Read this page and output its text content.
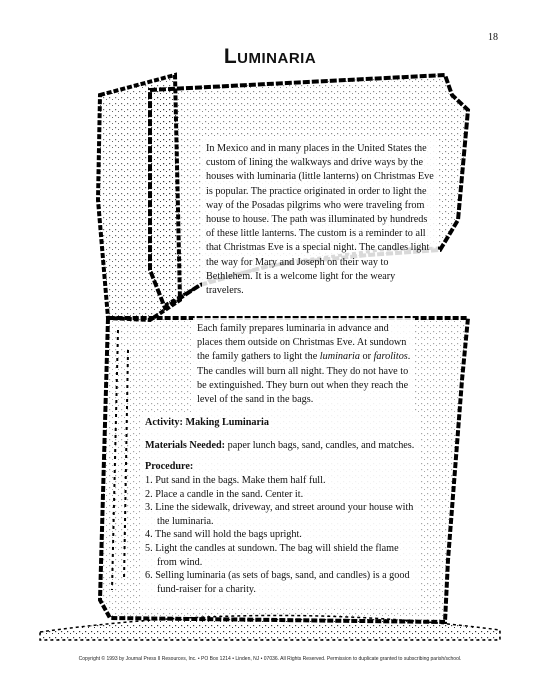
18
Luminaria
In Mexico and in many places in the United States the custom of lining the walkways and drive ways by the houses with luminaria (little lanterns) on Christmas Eve is popular. The practice originated in order to light the way of the Posadas pilgrims who were traveling from house to house. The path was illuminated by hundreds of these little lanterns. The custom is a reminder to all that Christmas Eve is a special night. The candles light the way for Mary and Joseph on their way to Bethlehem. It is a welcome light for the weary travelers.
Each family prepares luminaria in advance and places them outside on Christmas Eve. At sundown the family gathers to light the luminaria or farolitos. The candles will burn all night. They do not have to be extinguished. They burn out when they reach the level of the sand in the bags.
Activity: Making Luminaria
Materials Needed: paper lunch bags, sand, candles, and matches.
Procedure:
1. Put sand in the bags. Make them half full.
2. Place a candle in the sand. Center it.
3. Line the sidewalk, driveway, and street around your house with the luminaria.
4. The sand will hold the bags upright.
5. Light the candles at sundown. The bag will shield the flame from wind.
6. Selling luminaria (as sets of bags, sand, and candles) is a good fund-raiser for a charity.
Copyright © 1993 by Journal Press II Resources, Inc. • PO Box 1214 • Linden, NJ • 07036. All Rights Reserved. Permission to duplicate granted to subscribing parish/school.
